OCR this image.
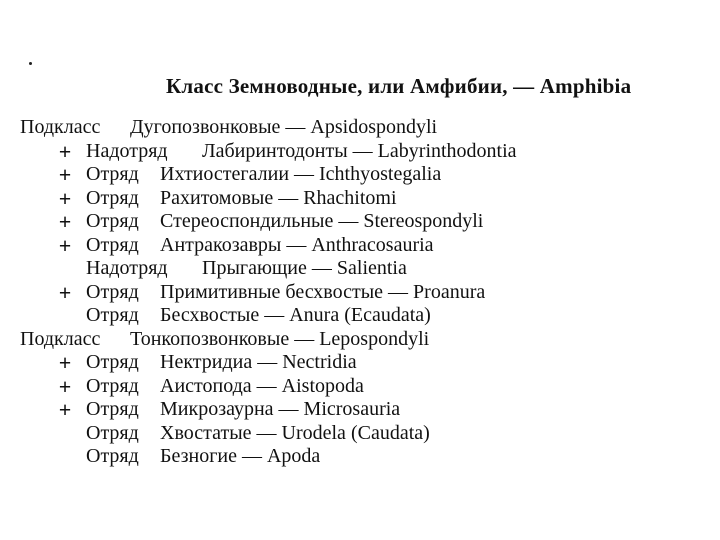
Класс Земноводные, или Амфибии, — Amphibia
Подкласс Дугопозвонковые — Apsidospondyli
+ Надотряд Лабиринтодонты — Labyrinthodontia
+ Отряд Ихтиостегалии — Ichthyostegalia
+ Отряд Рахитомовые — Rhachitomi
+ Отряд Стереоспондильные — Stereospondyli
+ Отряд Антракозавры — Anthracosauria
Надотряд Прыгающие — Salientia
+ Отряд Примитивные бесхвостые — Proanura
Отряд Бесхвостые — Anura (Ecaudata)
Подкласс Тонкопозвонковые — Lepospondyli
+ Отряд Нектридиа — Nectridia
+ Отряд Аистопода — Aistopoda
+ Отряд Микрозаурна — Microsauria
Отряд Хвостатые — Urodela (Caudata)
Отряд Безногие — Apoda
